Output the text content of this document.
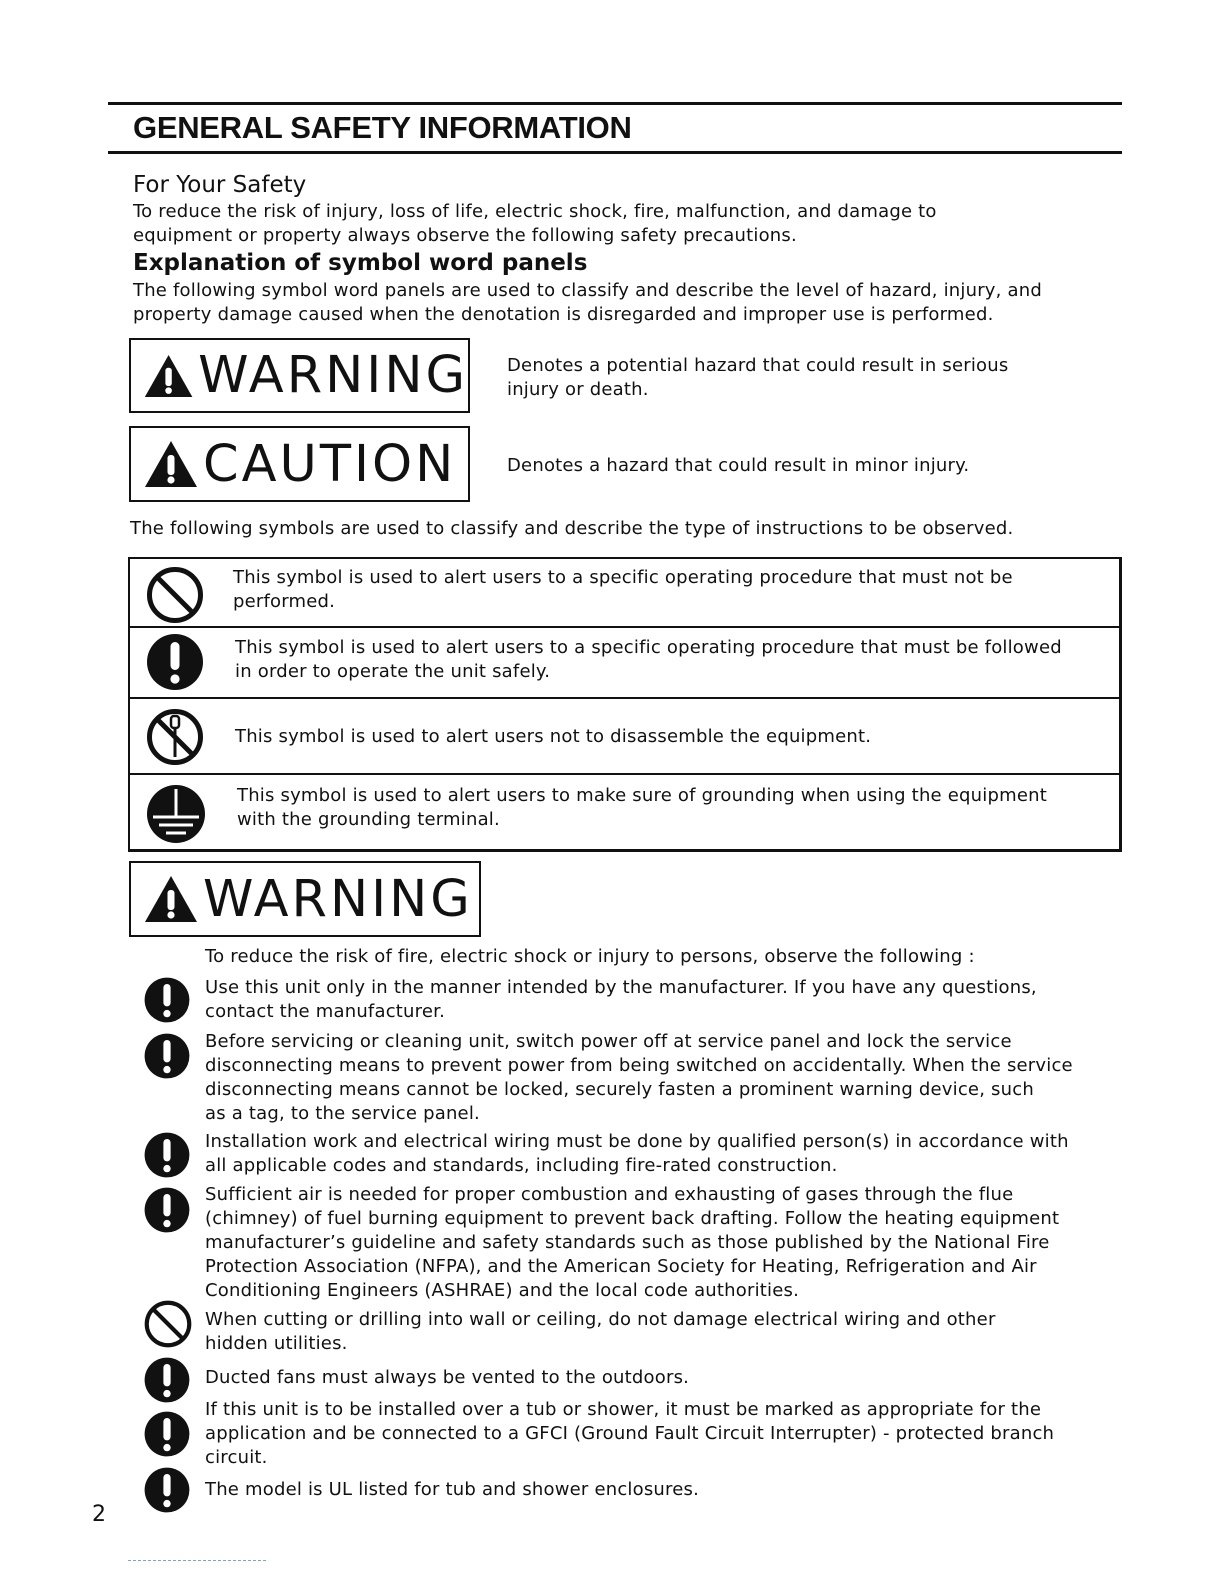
GENERAL SAFETY INFORMATION
For Your Safety
To reduce the risk of injury, loss of life, electric shock, fire, malfunction, and damage to
equipment or property always observe the following safety precautions.
Explanation of symbol word panels
The following symbol word panels are used to classify and describe the level of hazard, injury, and
property damage caused when the denotation is disregarded and improper use is performed.
WARNING Denotes a potential hazard that could result in serious
injury or death.
CAUTION	Denotes a hazard that could result in minor injury.
The following symbols are used to classify and describe the type of instructions to be observed.
This symbol is used to alert users to a specific operating procedure that must not be
performed.
This symbol is used to alert users to a specific operating procedure that must be followed
in order to operate the unit safely.
This symbol is used to alert users not to disassemble the equipment.
This symbol is used to alert users to make sure of grounding when using the equipment
with the grounding terminal.
WARNING
To reduce the risk of fire, electric shock or injury to persons, observe the following :
Use this unit only in the manner intended by the manufacturer. If you have any questions,
contact the manufacturer.
Before servicing or cleaning unit, switch power off at service panel and lock the service
disconnecting means to prevent power from being switched on accidentally. When the service
disconnecting means cannot be locked, securely fasten a prominent warning device, such
as a tag, to the service panel.
Installation work and electrical wiring must be done by qualified person(s) in accordance with
all applicable codes and standards, including fire-rated construction.
Sufficient air is needed for proper combustion and exhausting of gases through the flue
(chimney) of fuel burning equipment to prevent back drafting. Follow the heating equipment
manufacturer’s guideline and safety standards such as those published by the National Fire
Protection Association (NFPA), and the American Society for Heating, Refrigeration and Air
Conditioning Engineers (ASHRAE) and the local code authorities.
When cutting or drilling into wall or ceiling, do not damage electrical wiring and other
hidden utilities.
Ducted fans must always be vented to the outdoors.
If this unit is to be installed over a tub or shower, it must be marked as appropriate for the
application and be connected to a GFCI (Ground Fault Circuit Interrupter) - protected branch
circuit.
The model is UL listed for tub and shower enclosures.
2
